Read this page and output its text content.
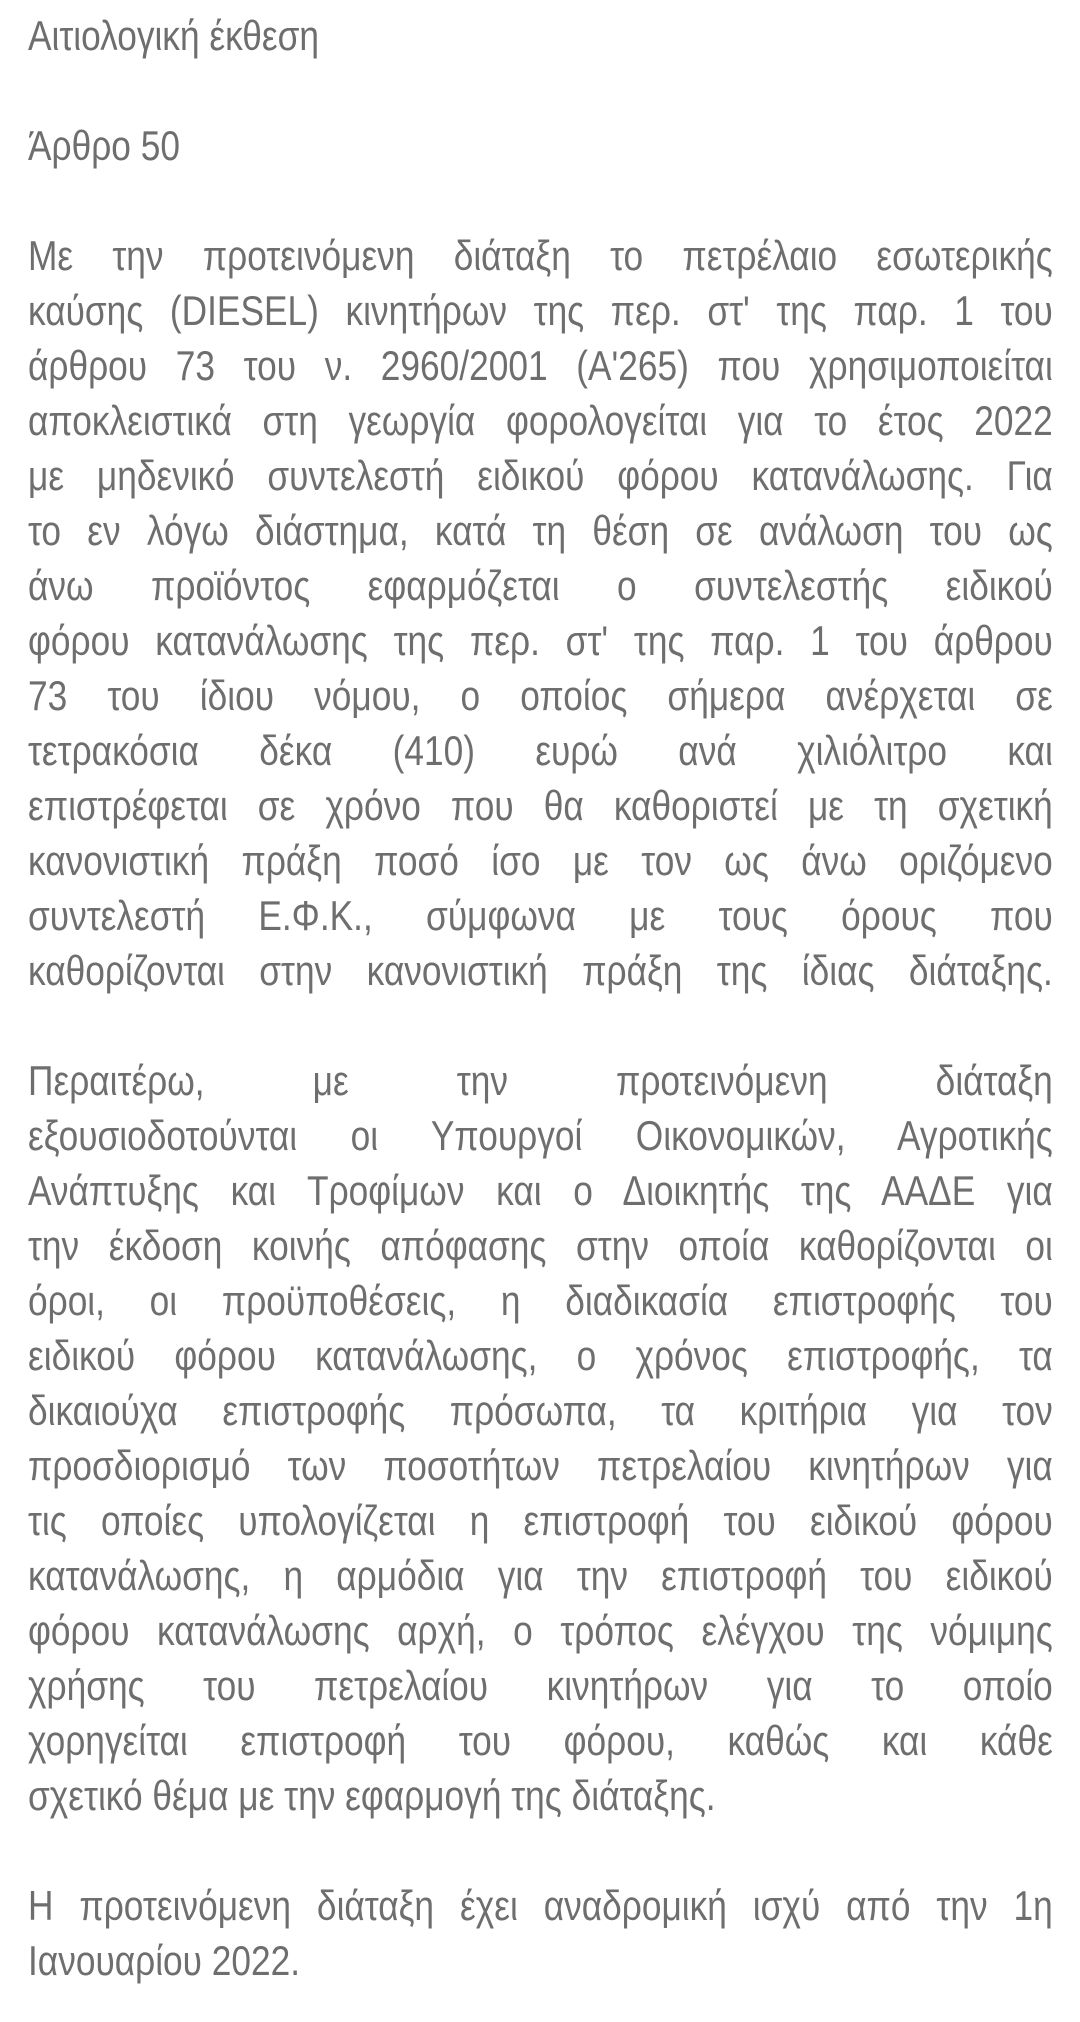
Αιτιολογική έκθεση
Άρθρο 50
Με την προτεινόμενη διάταξη το πετρέλαιο εσωτερικής
καύσης (DIESEL) κινητήρων της περ. στ' της παρ. 1 του
άρθρου 73 του ν. 2960/2001 (Α'265) που χρησιμοποιείται
αποκλειστικά στη γεωργία φορολογείται για το έτος 2022
με μηδενικό συντελεστή ειδικού φόρου κατανάλωσης. Για
το εν λόγω διάστημα, κατά τη θέση σε ανάλωση του ως
άνω προϊόντος εφαρμόζεται ο συντελεστής ειδικού
φόρου κατανάλωσης της περ. στ' της παρ. 1 του άρθρου
73 του ίδιου νόμου, ο οποίος σήμερα ανέρχεται σε
τετρακόσια δέκα (410) ευρώ ανά χιλιόλιτρο και
επιστρέφεται σε χρόνο που θα καθοριστεί με τη σχετική
κανονιστική πράξη ποσό ίσο με τον ως άνω οριζόμενο
συντελεστή Ε.Φ.Κ., σύμφωνα με τους όρους που
καθορίζονται στην κανονιστική πράξη της ίδιας διάταξης.
Περαιτέρω, με την προτεινόμενη διάταξη
εξουσιοδοτούνται οι Υπουργοί Οικονομικών, Αγροτικής
Ανάπτυξης και Τροφίμων και ο Διοικητής της ΑΑΔΕ για
την έκδοση κοινής απόφασης στην οποία καθορίζονται οι
όροι, οι προϋποθέσεις, η διαδικασία επιστροφής του
ειδικού φόρου κατανάλωσης, ο χρόνος επιστροφής, τα
δικαιούχα επιστροφής πρόσωπα, τα κριτήρια για τον
προσδιορισμό των ποσοτήτων πετρελαίου κινητήρων για
τις οποίες υπολογίζεται η επιστροφή του ειδικού φόρου
κατανάλωσης, η αρμόδια για την επιστροφή του ειδικού
φόρου κατανάλωσης αρχή, ο τρόπος ελέγχου της νόμιμης
χρήσης του πετρελαίου κινητήρων για το οποίο
χορηγείται επιστροφή του φόρου, καθώς και κάθε
σχετικό θέμα με την εφαρμογή της διάταξης.
Η προτεινόμενη διάταξη έχει αναδρομική ισχύ από την 1η
Ιανουαρίου 2022.
